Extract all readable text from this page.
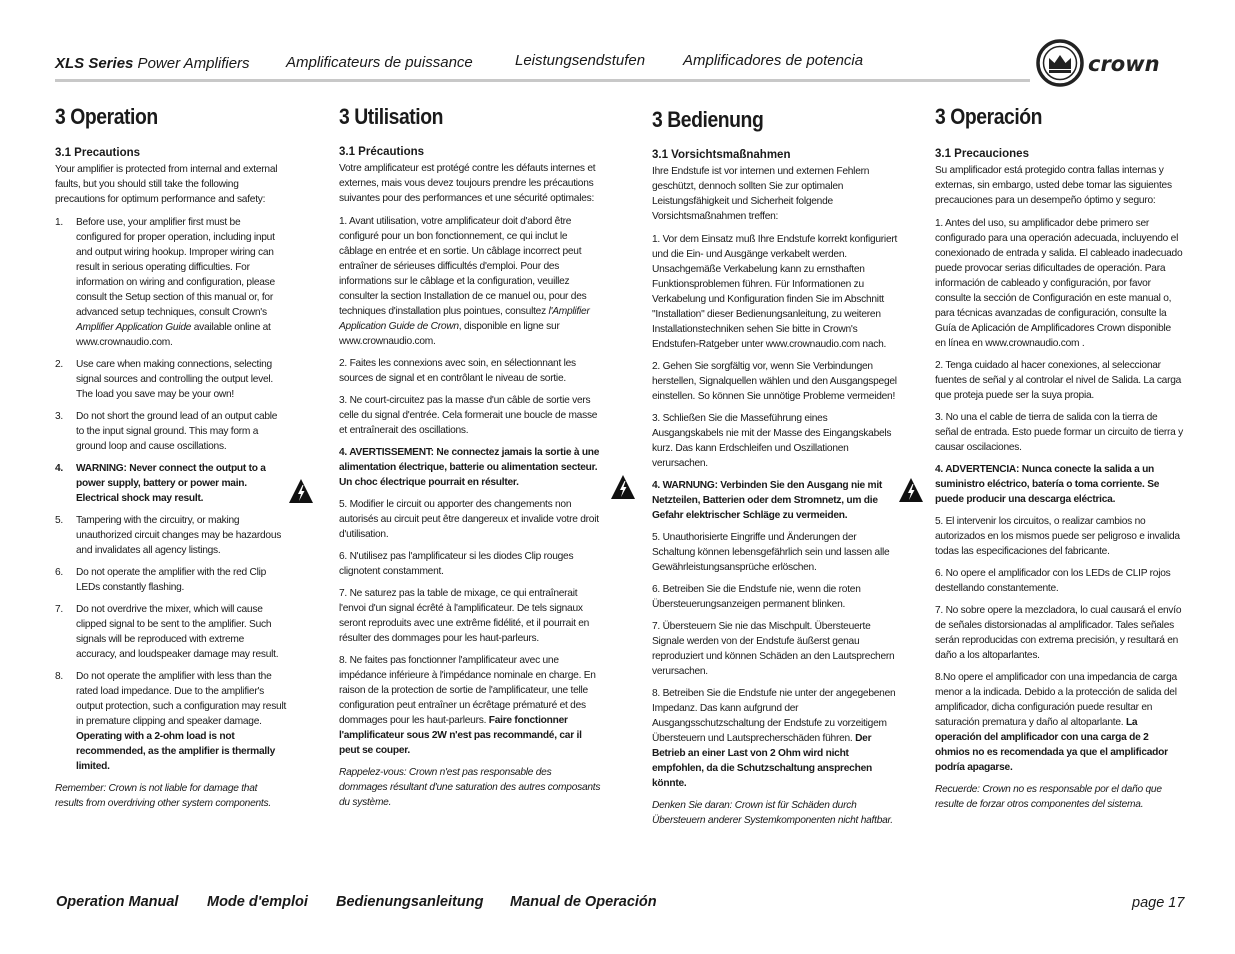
XLS Series Power Amplifiers Amplificateurs de puissance	Leistungsendstufen	Amplificadores de potencia	crown
3 Operation
3.1 Precautions

Your amplifier is protected from internal and external faults, but you should still take the following precautions for optimum performance and safety:

1.	Before use, your amplifier first must be configured for proper operation, including input and output wiring hookup. Improper wiring can result in serious operating difficulties. For information on wiring and configuration, please consult the Setup section of this manual or, for advanced setup techniques, consult Crown's Amplifier Application Guide available online at www.crownaudio.com.
2.	Use care when making connections, selecting signal sources and controlling the output level. The load you save may be your own!
3.	Do not short the ground lead of an output cable to the input signal ground. This may form a ground loop and cause oscillations.
4.	WARNING: Never connect the output to a power supply, battery or power main. Electrical shock may result.
5.	Tampering with the circuitry, or making unauthorized circuit changes may be hazardous and invalidates all agency listings.
6.	Do not operate the amplifier with the red Clip LEDs constantly flashing.
7.	Do not overdrive the mixer, which will cause clipped signal to be sent to the amplifier. Such signals will be reproduced with extreme accuracy, and loudspeaker damage may result.
8.	Do not operate the amplifier with less than the rated load impedance. Due to the amplifier's output protection, such a configuration may result in premature clipping and speaker damage. Operating with a 2-ohm load is not recommended, as the amplifier is thermally limited.

Remember: Crown is not liable for damage that results from overdriving other system components.

3 Utilisation
3.1 Précautions

Votre amplificateur est protégé contre les défauts internes et externes, mais vous devez toujours prendre les précautions suivantes pour des performances et une sécurité optimales:

1. Avant utilisation, votre amplificateur doit d'abord être configuré pour un bon fonctionnement, ce qui inclut le câblage en entrée et en sortie. Un câblage incorrect peut entraîner de sérieuses difficultés d'emploi. Pour des informations sur le câblage et la configuration, veuillez consulter la section Installation de ce manuel ou, pour des techniques d'installation plus pointues, consultez l'Amplifier Application Guide de Crown, disponible en ligne sur www.crownaudio.com.

2. Faites les connexions avec soin, en sélectionnant les sources de signal et en contrôlant le niveau de sortie.

3. Ne court-circuitez pas la masse d'un câble de sortie vers celle du signal d'entrée. Cela formerait une boucle de masse et entraînerait des oscillations.

4. AVERTISSEMENT: Ne connectez jamais la sortie à une alimentation électrique, batterie ou alimentation secteur. Un choc électrique pourrait en résulter.

5. Modifier le circuit ou apporter des changements non autorisés au circuit peut être dangereux et invalide votre droit d'utilisation.

6. N'utilisez pas l'amplificateur si les diodes Clip rouges clignotent constamment.

7. Ne saturez pas la table de mixage, ce qui entraînerait l'envoi d'un signal écrêté à l'amplificateur. De tels signaux seront reproduits avec une extrême fidélité, et il pourrait en résulter des dommages pour les haut-parleurs.

8. Ne faites pas fonctionner l'amplificateur avec une impédance inférieure à l'impédance nominale en charge. En raison de la protection de sortie de l'amplificateur, une telle configuration peut entraîner un écrêtage prématuré et des dommages pour les haut-parleurs. Faire fonctionner l'amplificateur sous 2W n'est pas recommandé, car il peut se couper.

Rappelez-vous: Crown n'est pas responsable des dommages résultant d'une saturation des autres composants du système.

3 Bedienung
3.1 Vorsichtsmaßnahmen

Ihre Endstufe ist vor internen und externen Fehlern geschützt, dennoch sollten Sie zur optimalen Leistungsfähigkeit und Sicherheit folgende Vorsichtsmaßnahmen treffen:

1. Vor dem Einsatz muß Ihre Endstufe korrekt konfiguriert und die Ein- und Ausgänge verkabelt werden. Unsachgemäße Verkabelung kann zu ernsthaften Funktionsproblemen führen. Für Informationen zu Verkabelung und Konfiguration finden Sie im Abschnitt "Installation" dieser Bedienungsanleitung, zu weiteren Installationstechniken sehen Sie bitte in Crown's Endstufen-Ratgeber unter www.crownaudio.com nach.

2. Gehen Sie sorgfältig vor, wenn Sie Verbindungen herstellen, Signalquellen wählen und den Ausgangspegel einstellen. So können Sie unnötige Probleme vermeiden!

3. Schließen Sie die Masseführung eines Ausgangskabels nie mit der Masse des Eingangskabels kurz. Das kann Erdschleifen und Oszillationen verursachen.

4. WARNUNG: Verbinden Sie den Ausgang nie mit Netzteilen, Batterien oder dem Stromnetz, um die Gefahr elektrischer Schläge zu vermeiden.

5. Unauthorisierte Eingriffe und Änderungen der Schaltung können lebensgefährlich sein und lassen alle Gewährleistungsansprüche erlöschen.

6. Betreiben Sie die Endstufe nie, wenn die roten Übersteuerungsanzeigen permanent blinken.

7. Übersteuern Sie nie das Mischpult. Übersteuerte Signale werden von der Endstufe äußerst genau reproduziert und können Schäden an den Lautsprechern verursachen.

8. Betreiben Sie die Endstufe nie unter der angegebenen Impedanz. Das kann aufgrund der Ausgangsschutzschaltung der Endstufe zu vorzeitigem Übersteuern und Lautsprecherschäden führen. Der Betrieb an einer Last von 2 Ohm wird nicht empfohlen, da die Schutzschaltung ansprechen könnte.

Denken Sie daran: Crown ist für Schäden durch Übersteuern anderer Systemkomponenten nicht haftbar.

3 Operación
3.1 Precauciones

Su amplificador está protegido contra fallas internas y externas, sin embargo, usted debe tomar las siguientes precauciones para un desempeño óptimo y seguro:

1. Antes del uso, su amplificador debe primero ser configurado para una operación adecuada, incluyendo el conexionado de entrada y salida. El cableado inadecuado puede provocar serias dificultades de operación. Para información de cableado y configuración, por favor consulte la sección de Configuración en este manual o, para técnicas avanzadas de configuración, consulte la Guía de Aplicación de Amplificadores Crown disponible en línea en www.crownaudio.com .

2. Tenga cuidado al hacer conexiones, al seleccionar fuentes de señal y al controlar el nivel de Salida. La carga que proteja puede ser la suya propia.

3. No una el cable de tierra de salida con la tierra de señal de entrada. Esto puede formar un circuito de tierra y causar oscilaciones.

4. ADVERTENCIA: Nunca conecte la salida a un suministro eléctrico, batería o toma corriente. Se puede producir una descarga eléctrica.

5. El intervenir los circuitos, o realizar cambios no autorizados en los mismos puede ser peligroso e invalida todas las especificaciones del fabricante.

6. No opere el amplificador con los LEDs de CLIP rojos destellando constantemente.

7. No sobre opere la mezcladora, lo cual causará el envío de señales distorsionadas al amplificador. Tales señales serán reproducidas con extrema precisión, y resultará en daño a los altoparlantes.

8.No opere el amplificador con una impedancia de carga menor a la indicada. Debido a la protección de salida del amplificador, dicha configuración puede resultar en saturación prematura y daño al altoparlante. La operación del amplificador con una carga de 2 ohmios no es recomendada ya que el amplificador podría apagarse.

Recuerde: Crown no es responsable por el daño que resulte de forzar otros componentes del sistema.

Operation Manual Mode d'emploi Bedienungsanleitung Manual de Operación	page 17
